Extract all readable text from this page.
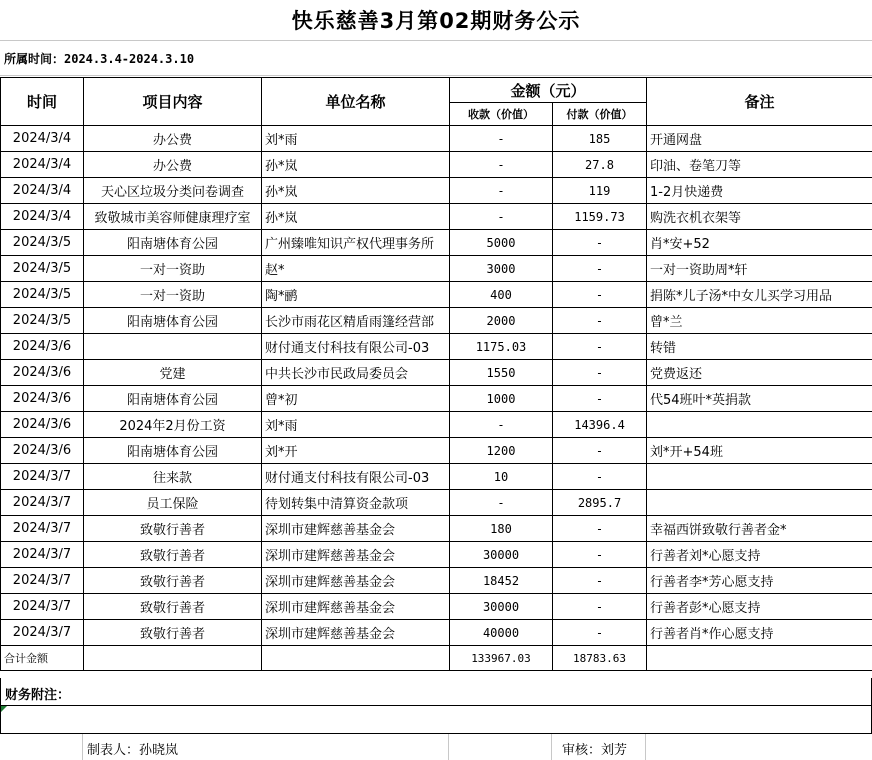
快乐慈善3月第02期财务公示
所属时间：2024.3.4-2024.3.10
时间	项目内容	单位名称	金额（元）		备注
			收款（价值）	付款（价值）	
2024/3/4	办公费	刘*雨	-	185	开通网盘
2024/3/4	办公费	孙*岚	-	27.8	印油、卷笔刀等
2024/3/4	天心区垃圾分类问卷调查	孙*岚	-	119	1-2月快递费
2024/3/4	致敬城市美容师健康理疗室	孙*岚	-	1159.73	购洗衣机衣架等
2024/3/5	阳南塘体育公园	广州臻唯知识产权代理事务所	5000	-	肖*安+52
2024/3/5	一对一资助	赵*	3000	-	一对一资助周*轩
2024/3/5	一对一资助	陶*鹂	400	-	捐陈*儿子汤*中女儿买学习用品
2024/3/5	阳南塘体育公园	长沙市雨花区精盾雨篷经营部	2000	-	曾*兰
2024/3/6		财付通支付科技有限公司-03	1175.03	-	转错
2024/3/6	党建	中共长沙市民政局委员会	1550	-	党费返还
2024/3/6	阳南塘体育公园	曾*初	1000	-	代54班叶*英捐款
2024/3/6	2024年2月份工资	刘*雨	-	14396.4	
2024/3/6	阳南塘体育公园	刘*开	1200	-	刘*开+54班
2024/3/7	往来款	财付通支付科技有限公司-03	10	-	
2024/3/7	员工保险	待划转集中清算资金款项	-	2895.7	
2024/3/7	致敬行善者	深圳市建辉慈善基金会	180	-	幸福西饼致敬行善者金*
2024/3/7	致敬行善者	深圳市建辉慈善基金会	30000	-	行善者刘*心愿支持
2024/3/7	致敬行善者	深圳市建辉慈善基金会	18452	-	行善者李*芳心愿支持
2024/3/7	致敬行善者	深圳市建辉慈善基金会	30000	-	行善者彭*心愿支持
2024/3/7	致敬行善者	深圳市建辉慈善基金会	40000	-	行善者肖*作心愿支持
合计金额			133967.03	18783.63	
财务附注：
制表人：孙晓岚	审核：刘芳
